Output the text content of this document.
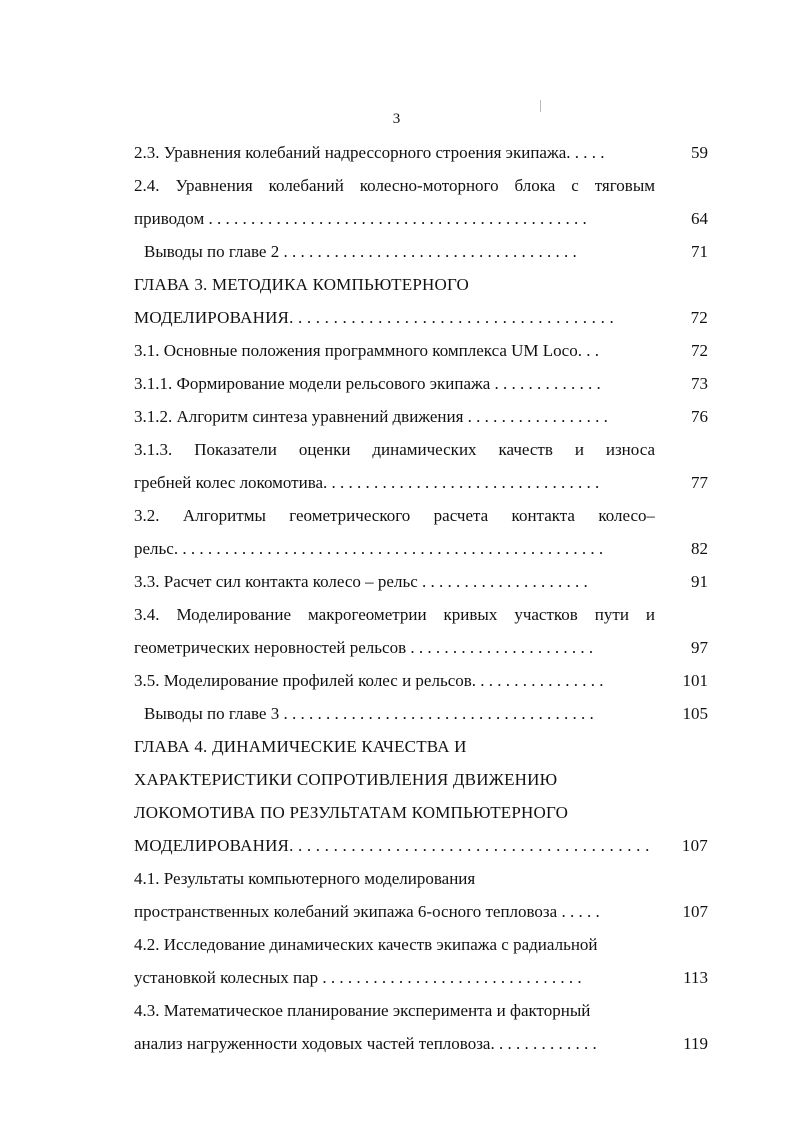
3
2.3. Уравнения колебаний надрессорного строения экипажа. . . . .	59
2.4. Уравнения колебаний колесно-моторного блока с тяговым
приводом . . . . . . . . . . . . . . . . . . . . . . . . . . . . . . . . . . . . . . . . . . . . .	64
Выводы по главе 2 . . . . . . . . . . . . . . . . . . . . . . . . . . . . . . . . . . .	71
ГЛАВА 3. МЕТОДИКА КОМПЬЮТЕРНОГО
МОДЕЛИРОВАНИЯ. . . . . . . . . . . . . . . . . . . . . . . . . . . . . . . . . . . . .	72
3.1. Основные положения программного комплекса UM Loco. . .	72
3.1.1. Формирование модели рельсового экипажа . . . . . . . . . . . . .	73
3.1.2. Алгоритм синтеза уравнений движения . . . . . . . . . . . . . . . . .	76
3.1.3. Показатели оценки динамических качеств и износа
гребней колес локомотива. . . . . . . . . . . . . . . . . . . . . . . . . . . . . . . . .	77
3.2. Алгоритмы геометрического расчета контакта колесо–
рельс. . . . . . . . . . . . . . . . . . . . . . . . . . . . . . . . . . . . . . . . . . . . . . . . . . .	82
3.3. Расчет сил контакта колесо – рельс . . . . . . . . . . . . . . . . . . . .	91
3.4. Моделирование макрогеометрии кривых участков пути и
геометрических неровностей рельсов . . . . . . . . . . . . . . . . . . . . . .	97
3.5. Моделирование профилей колес и рельсов. . . . . . . . . . . . . . . .	101
Выводы по главе 3 . . . . . . . . . . . . . . . . . . . . . . . . . . . . . . . . . . . . .	105
ГЛАВА 4. ДИНАМИЧЕСКИЕ КАЧЕСТВА И
ХАРАКТЕРИСТИКИ СОПРОТИВЛЕНИЯ ДВИЖЕНИЮ
ЛОКОМОТИВА ПО РЕЗУЛЬТАТАМ КОМПЬЮТЕРНОГО
МОДЕЛИРОВАНИЯ. . . . . . . . . . . . . . . . . . . . . . . . . . . . . . . . . . . . . . . . . 107
4.1. Результаты компьютерного моделирования
пространственных колебаний экипажа 6-осного тепловоза . . . . .	107
4.2. Исследование динамических качеств экипажа с радиальной
установкой колесных пар . . . . . . . . . . . . . . . . . . . . . . . . . . . . . . .	113
4.3. Математическое планирование эксперимента и факторный
анализ нагруженности ходовых частей тепловоза. . . . . . . . . . . . .	119
